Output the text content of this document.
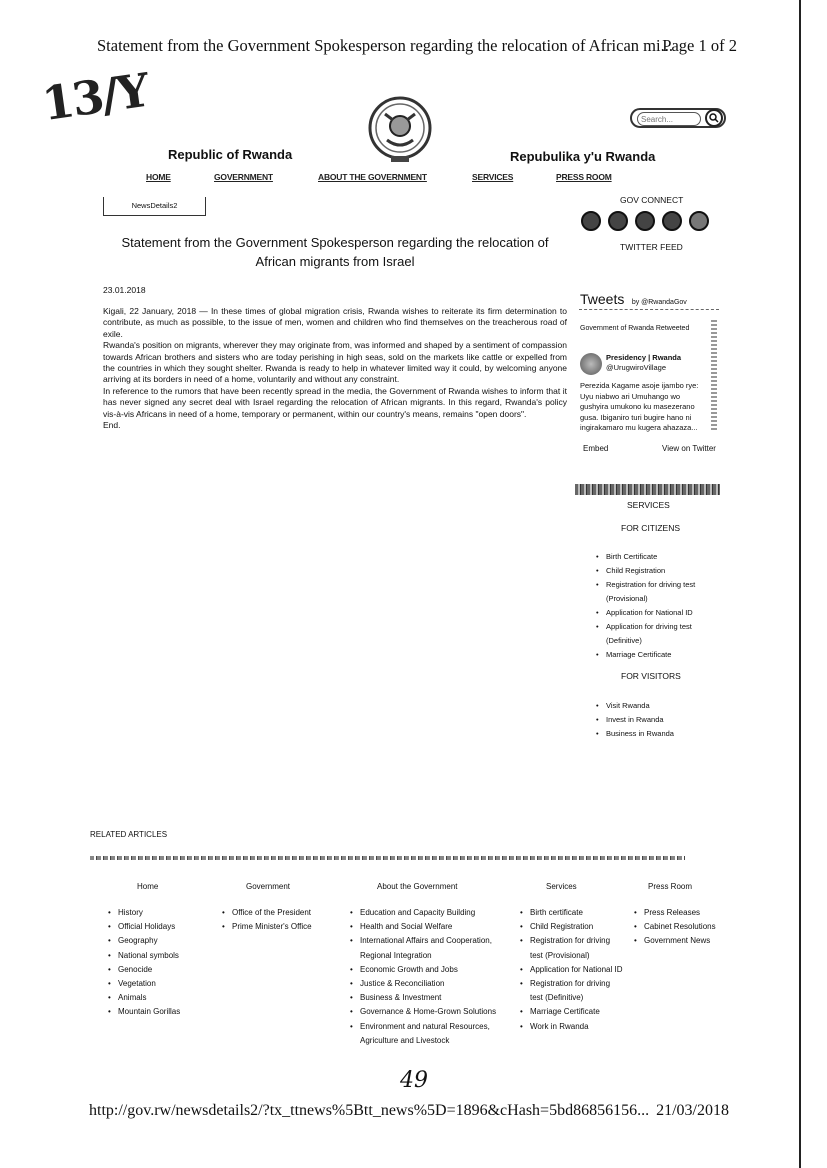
Statement from the Government Spokesperson regarding the relocation of African mi...
Page 1 of 2
13/Y
Search...
Republic of Rwanda	Repubulika y'u Rwanda
HOME	GOVERNMENT	ABOUT THE GOVERNMENT	SERVICES	PRESS ROOM
NewsDetails2
Statement from the Government Spokesperson regarding the relocation of African migrants from Israel
23.01.2018

Kigali, 22 January, 2018 — In these times of global migration crisis, Rwanda wishes to reiterate its firm determination to contribute, as much as possible, to the issue of men, women and children who find themselves on the treacherous road of exile.

Rwanda's position on migrants, wherever they may originate from, was informed and shaped by a sentiment of compassion towards African brothers and sisters who are today perishing in high seas, sold on the markets like cattle or expelled from the countries in which they sought shelter. Rwanda is ready to help in whatever limited way it could, by welcoming anyone arriving at its borders in need of a home, voluntarily and without any constraint.

In reference to the rumors that have been recently spread in the media, the Government of Rwanda wishes to inform that it has never signed any secret deal with Israel regarding the relocation of African migrants. In this regard, Rwanda's policy vis-à-vis Africans in need of a home, temporary or permanent, within our country's means, remains "open doors".

End.

GOV CONNECT
TWITTER FEED
Tweets by @RwandaGov
Government of Rwanda Retweeted
Presidency | Rwanda
@UrugwiroVillage
Perezida Kagame asoje ijambo rye: Uyu niabwo ari Umuhango wo gushyira umukono ku masezerano gusa. Ibiganiro turi bugire hano ni ingirakamaro mu kugera ahazaza...
Embed	View on Twitter
SERVICES
FOR CITIZENS
• Birth Certificate
• Child Registration
• Registration for driving test (Provisional)
• Application for National ID
• Application for driving test (Definitive)
• Marriage Certificate
FOR VISITORS
• Visit Rwanda
• Invest in Rwanda
• Business in Rwanda
RELATED ARTICLES
Home
• History
• Official Holidays
• Geography
• National symbols
• Genocide
• Vegetation
• Animals
• Mountain Gorillas
Government
• Office of the President
• Prime Minister's Office
About the Government
• Education and Capacity Building
• Health and Social Welfare
• International Affairs and Cooperation, Regional Integration
• Economic Growth and Jobs
• Justice & Reconciliation
• Business & Investment
• Governance & Home-Grown Solutions
• Environment and natural Resources, Agriculture and Livestock
Services
• Birth certificate
• Child Registration
• Registration for driving test (Provisional)
• Application for National ID
• Registration for driving test (Definitive)
• Marriage Certificate
• Work in Rwanda
Press Room
• Press Releases
• Cabinet Resolutions
• Government News
49
http://gov.rw/newsdetails2/?tx_ttnews%5Btt_news%5D=1896&cHash=5bd86856156... 21/03/2018
